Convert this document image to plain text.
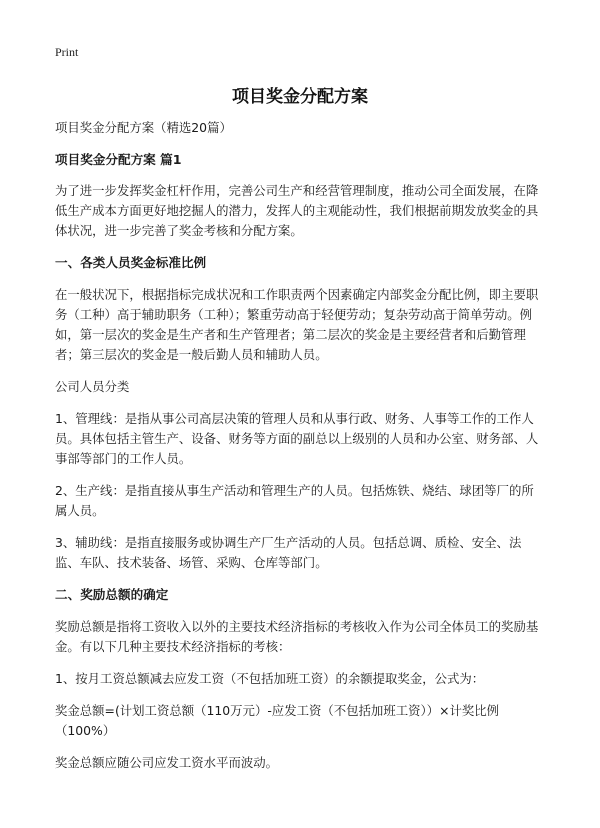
Print
项目奖金分配方案

项目奖金分配方案（精选20篇）

项目奖金分配方案 篇1

为了进一步发挥奖金杠杆作用，完善公司生产和经营管理制度，推动公司全面发展，在降低生产成本方面更好地挖掘人的潜力，发挥人的主观能动性，我们根据前期发放奖金的具体状况，进一步完善了奖金考核和分配方案。

一、各类人员奖金标准比例

在一般状况下，根据指标完成状况和工作职责两个因素确定内部奖金分配比例，即主要职务（工种）高于辅助职务（工种）；繁重劳动高于轻便劳动；复杂劳动高于简单劳动。例如，第一层次的奖金是生产者和生产管理者；第二层次的奖金是主要经营者和后勤管理者；第三层次的奖金是一般后勤人员和辅助人员。

公司人员分类

1、管理线：是指从事公司高层决策的管理人员和从事行政、财务、人事等工作的工作人员。具体包括主管生产、设备、财务等方面的副总以上级别的人员和办公室、财务部、人事部等部门的工作人员。

2、生产线：是指直接从事生产活动和管理生产的人员。包括炼铁、烧结、球团等厂的所属人员。

3、辅助线：是指直接服务或协调生产厂生产活动的人员。包括总调、质检、安全、法监、车队、技术装备、场管、采购、仓库等部门。

二、奖励总额的确定

奖励总额是指将工资收入以外的主要技术经济指标的考核收入作为公司全体员工的奖励基金。有以下几种主要技术经济指标的考核：

1、按月工资总额减去应发工资（不包括加班工资）的余额提取奖金，公式为：

奖金总额=(计划工资总额（110万元）-应发工资（不包括加班工资））×计奖比例（100%）

奖金总额应随公司应发工资水平而波动。
